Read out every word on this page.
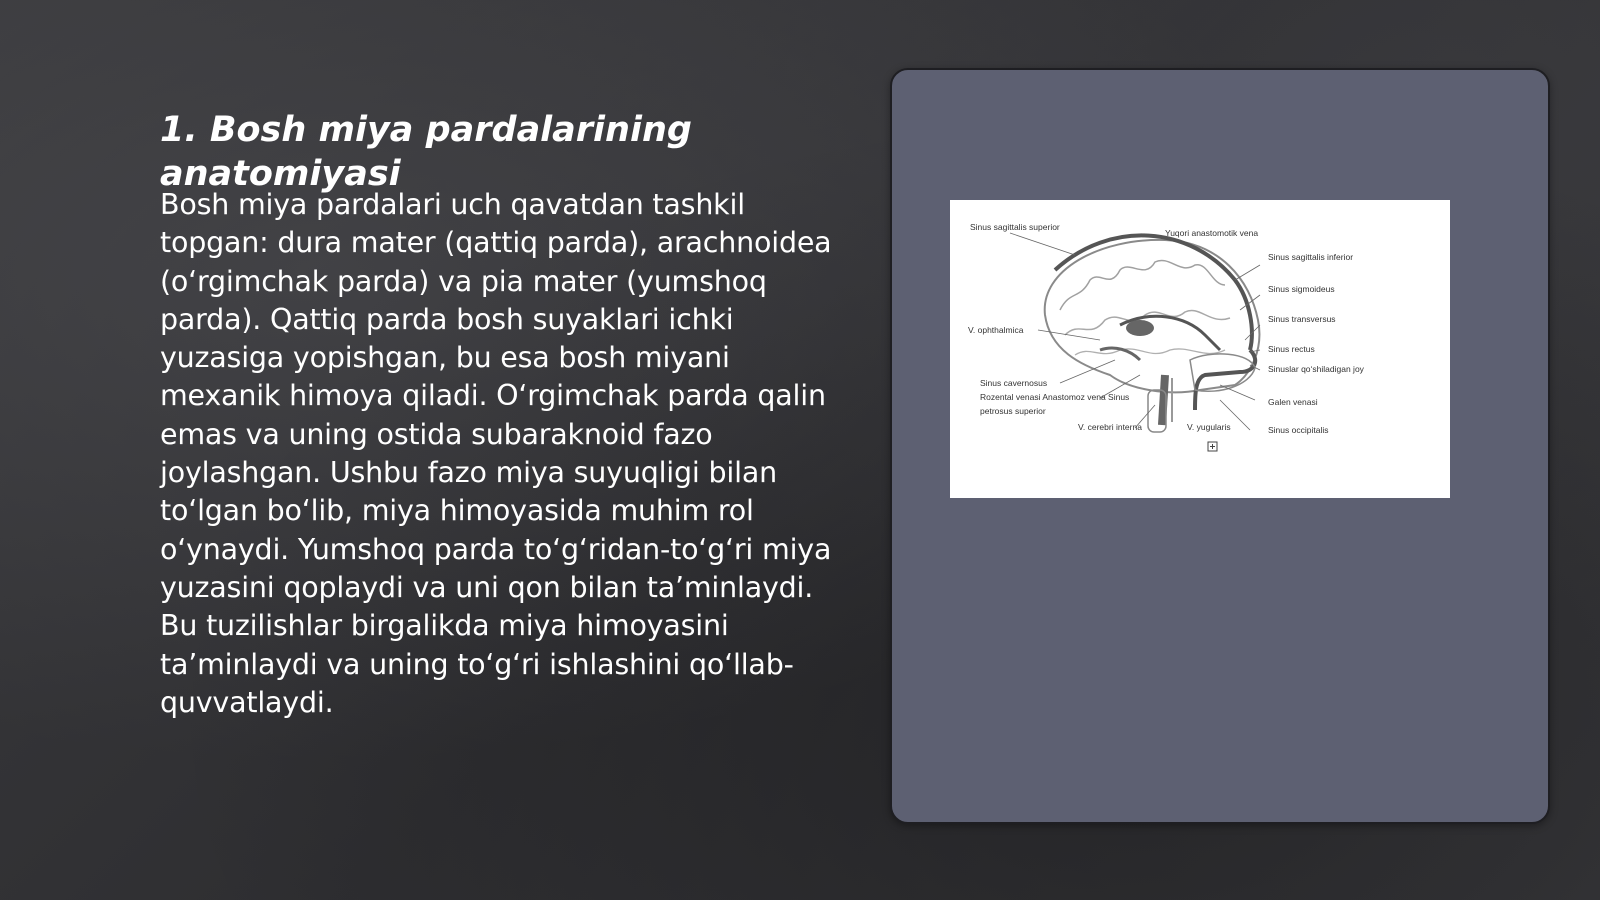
1. Bosh miya pardalarining anatomiyasi

Bosh miya pardalari uch qavatdan tashkil topgan: dura mater (qattiq parda), arachnoidea (o‘rgimchak parda) va pia mater (yumshoq parda). Qattiq parda bosh suyaklari ichki yuzasiga yopishgan, bu esa bosh miyani mexanik himoya qiladi. O‘rgimchak parda qalin emas va uning ostida subaraknoid fazo joylashgan. Ushbu fazo miya suyuqligi bilan to‘lgan bo‘lib, miya himoyasida muhim rol o‘ynaydi. Yumshoq parda to‘g‘ridan-to‘g‘ri miya yuzasini qoplaydi va uni qon bilan ta’minlaydi. Bu tuzilishlar birgalikda miya himoyasini ta’minlaydi va uning to‘g‘ri ishlashini qo‘llab-quvvatlaydi.

Sinus sagittalis superior
Yuqori anastomotik vena
Sinus sagittalis inferior
Sinus sigmoideus
Sinus transversus
V. ophthalmica
Sinus rectus
Sinuslar qo‘shiladigan joy
Sinus cavernosus
Rozental venasi Anastomoz vena Sinus
petrosus superior
Galen venasi
V. cerebri interna	V. yugularis	Sinus occipitalis
